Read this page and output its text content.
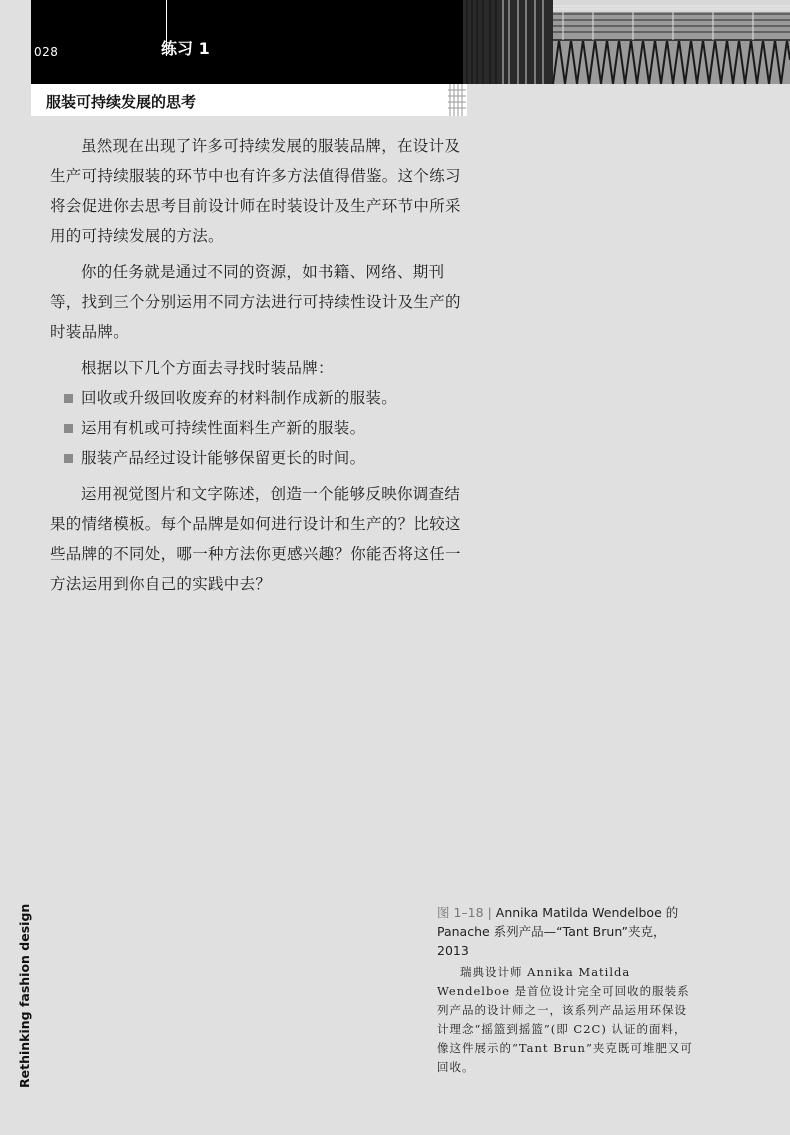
练习 1
028
服装可持续发展的思考

虽然现在出现了许多可持续发展的服装品牌，在设计及生产可持续服装的环节中也有许多方法值得借鉴。这个练习将会促进你去思考目前设计师在时装设计及生产环节中所采用的可持续发展的方法。

你的任务就是通过不同的资源，如书籍、网络、期刊等，找到三个分别运用不同方法进行可持续性设计及生产的时装品牌。

根据以下几个方面去寻找时装品牌：

回收或升级回收废弃的材料制作成新的服装。
运用有机或可持续性面料生产新的服装。
服装产品经过设计能够保留更长的时间。

运用视觉图片和文字陈述，创造一个能够反映你调查结果的情绪模板。每个品牌是如何进行设计和生产的？比较这些品牌的不同处，哪一种方法你更感兴趣？你能否将这任一方法运用到你自己的实践中去？

Rethinking fashion design	图 1–18 | Annika Matilda Wendelboe 的 Panache 系列产品—“Tant Brun”夹克，2013
瑞典设计师 Annika Matilda Wendelboe 是首位设计完全可回收的服装系列产品的设计师之一，该系列产品运用环保设计理念“摇篮到摇篮”(即 C2C) 认证的面料，像这件展示的“Tant Brun”夹克既可堆肥又可回收。
